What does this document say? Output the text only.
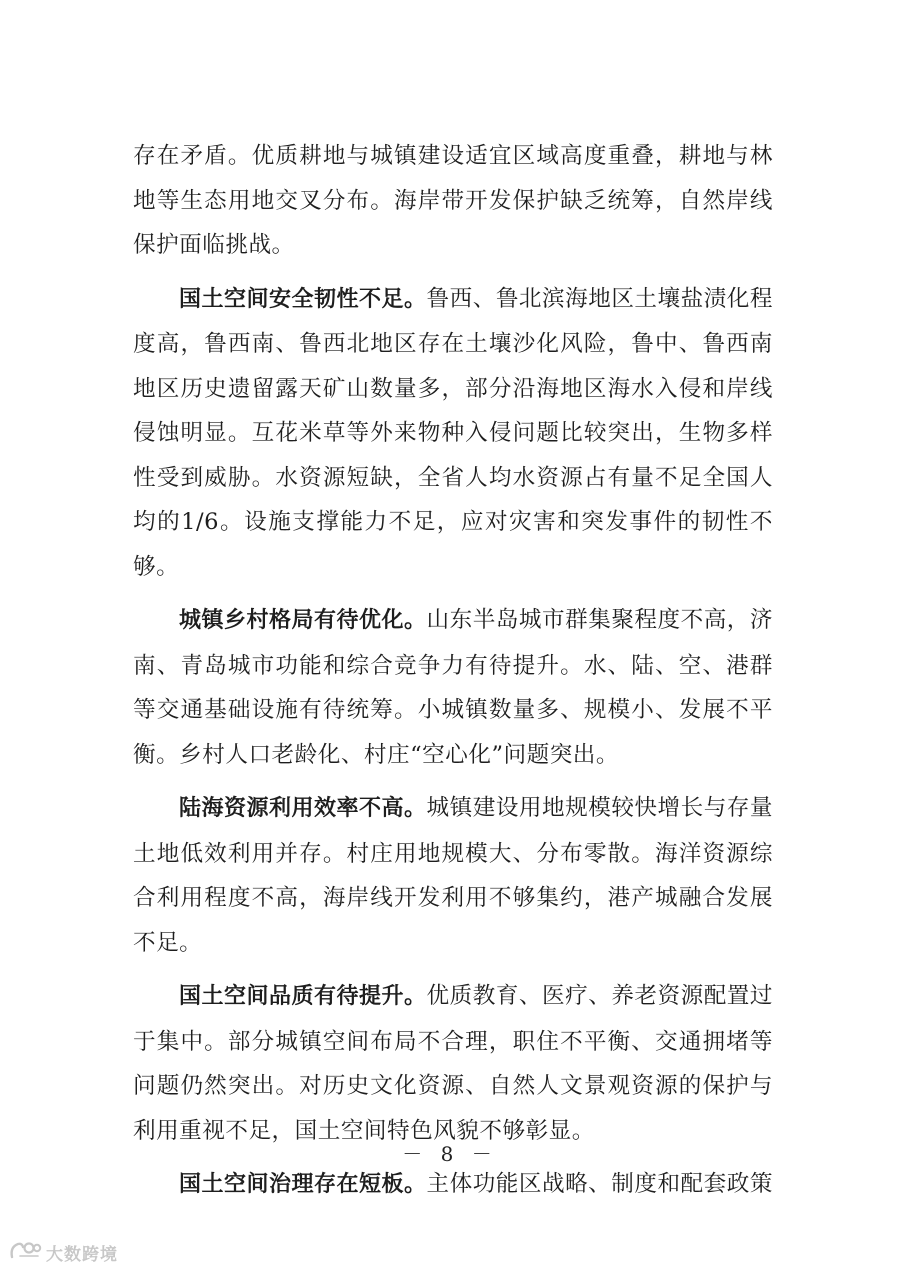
存在矛盾。优质耕地与城镇建设适宜区域高度重叠，耕地与林地等生态用地交叉分布。海岸带开发保护缺乏统筹，自然岸线保护面临挑战。

国土空间安全韧性不足。鲁西、鲁北滨海地区土壤盐渍化程度高，鲁西南、鲁西北地区存在土壤沙化风险，鲁中、鲁西南地区历史遗留露天矿山数量多，部分沿海地区海水入侵和岸线侵蚀明显。互花米草等外来物种入侵问题比较突出，生物多样性受到威胁。水资源短缺，全省人均水资源占有量不足全国人均的1/6。设施支撑能力不足，应对灾害和突发事件的韧性不够。

城镇乡村格局有待优化。山东半岛城市群集聚程度不高，济南、青岛城市功能和综合竞争力有待提升。水、陆、空、港群等交通基础设施有待统筹。小城镇数量多、规模小、发展不平衡。乡村人口老龄化、村庄“空心化”问题突出。

陆海资源利用效率不高。城镇建设用地规模较快增长与存量土地低效利用并存。村庄用地规模大、分布零散。海洋资源综合利用程度不高，海岸线开发利用不够集约，港产城融合发展不足。

国土空间品质有待提升。优质教育、医疗、养老资源配置过于集中。部分城镇空间布局不合理，职住不平衡、交通拥堵等问题仍然突出。对历史文化资源、自然人文景观资源的保护与利用重视不足，国土空间特色风貌不够彰显。

国土空间治理存在短板。主体功能区战略、制度和配套政策

－ 8 －
大数跨境
